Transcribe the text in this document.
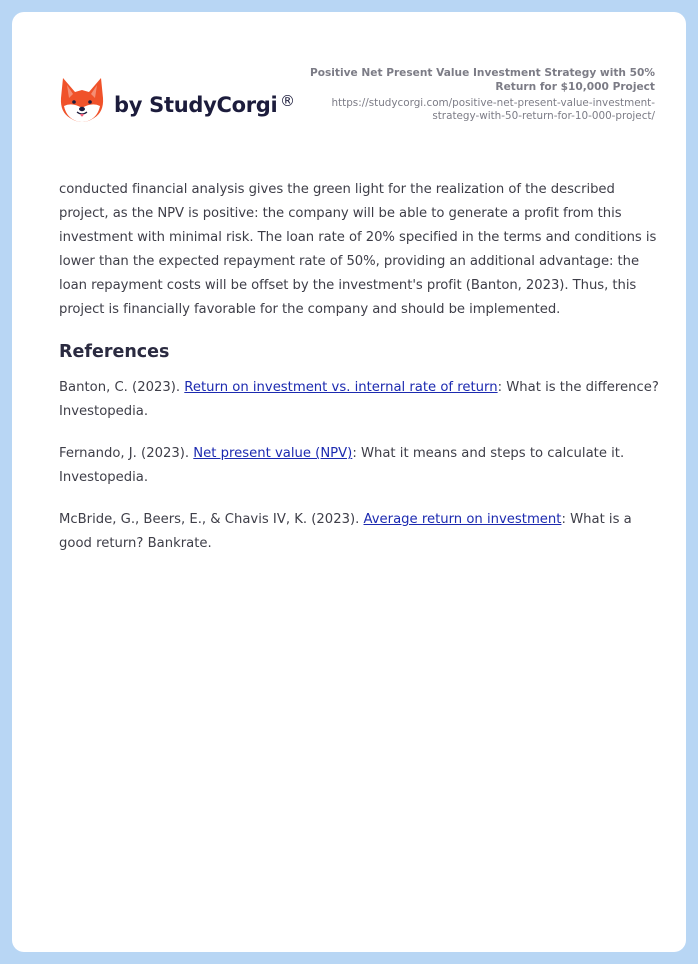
by StudyCorgi ®
Positive Net Present Value Investment Strategy with 50% Return for $10,000 Project
https://studycorgi.com/positive-net-present-value-investment-strategy-with-50-return-for-10-000-project/

conducted financial analysis gives the green light for the realization of the described project, as the NPV is positive: the company will be able to generate a profit from this investment with minimal risk. The loan rate of 20% specified in the terms and conditions is lower than the expected repayment rate of 50%, providing an additional advantage: the loan repayment costs will be offset by the investment's profit (Banton, 2023). Thus, this project is financially favorable for the company and should be implemented.

References

Banton, C. (2023). Return on investment vs. internal rate of return: What is the difference? Investopedia.

Fernando, J. (2023). Net present value (NPV): What it means and steps to calculate it. Investopedia.

McBride, G., Beers, E., & Chavis IV, K. (2023). Average return on investment: What is a good return? Bankrate.
